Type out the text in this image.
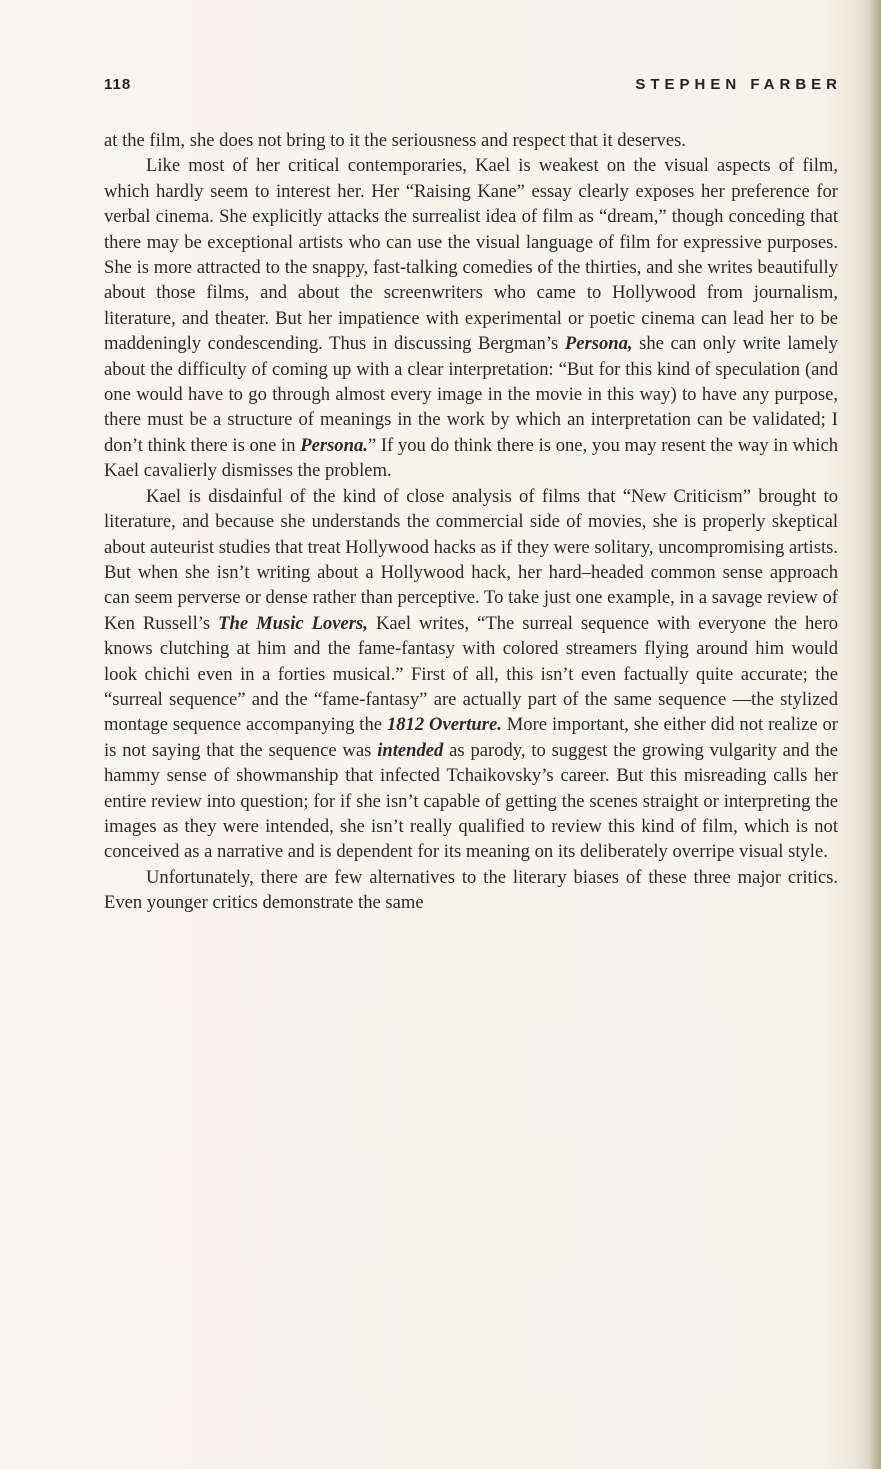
118	STEPHEN FARBER

at the film, she does not bring to it the seriousness and respect that it deserves.

Like most of her critical contemporaries, Kael is weakest on the visual aspects of film, which hardly seem to interest her. Her “Raising Kane” essay clearly exposes her preference for verbal cinema. She explicitly attacks the surrealist idea of film as “dream,” though conceding that there may be exceptional artists who can use the visual language of film for expressive purposes. She is more attracted to the snappy, fast-talking comedies of the thirties, and she writes beautifully about those films, and about the screenwriters who came to Hollywood from journalism, literature, and theater. But her impatience with experimental or poetic cinema can lead her to be maddeningly condescending. Thus in discussing Bergman’s Persona, she can only write lamely about the difficulty of coming up with a clear interpretation: “But for this kind of speculation (and one would have to go through almost every image in the movie in this way) to have any purpose, there must be a structure of meanings in the work by which an interpretation can be validated; I don’t think there is one in Persona.” If you do think there is one, you may resent the way in which Kael cavalierly dismisses the problem.

Kael is disdainful of the kind of close analysis of films that “New Criticism” brought to literature, and because she understands the commercial side of movies, she is properly skeptical about auteurist studies that treat Hollywood hacks as if they were solitary, uncompromising artists. But when she isn’t writing about a Hollywood hack, her hard–headed common sense approach can seem perverse or dense rather than perceptive. To take just one example, in a savage review of Ken Russell’s The Music Lovers, Kael writes, “The surreal sequence with everyone the hero knows clutching at him and the fame-fantasy with colored streamers flying around him would look chichi even in a forties musical.” First of all, this isn’t even factually quite accurate; the “surreal sequence” and the “fame-fantasy” are actually part of the same sequence —the stylized montage sequence accompanying the 1812 Overture. More important, she either did not realize or is not saying that the sequence was intended as parody, to suggest the growing vulgarity and the hammy sense of showmanship that infected Tchaikovsky’s career. But this misreading calls her entire review into question; for if she isn’t capable of getting the scenes straight or interpreting the images as they were intended, she isn’t really qualified to review this kind of film, which is not conceived as a narrative and is dependent for its meaning on its deliberately overripe visual style.

Unfortunately, there are few alternatives to the literary biases of these three major critics. Even younger critics demonstrate the same
